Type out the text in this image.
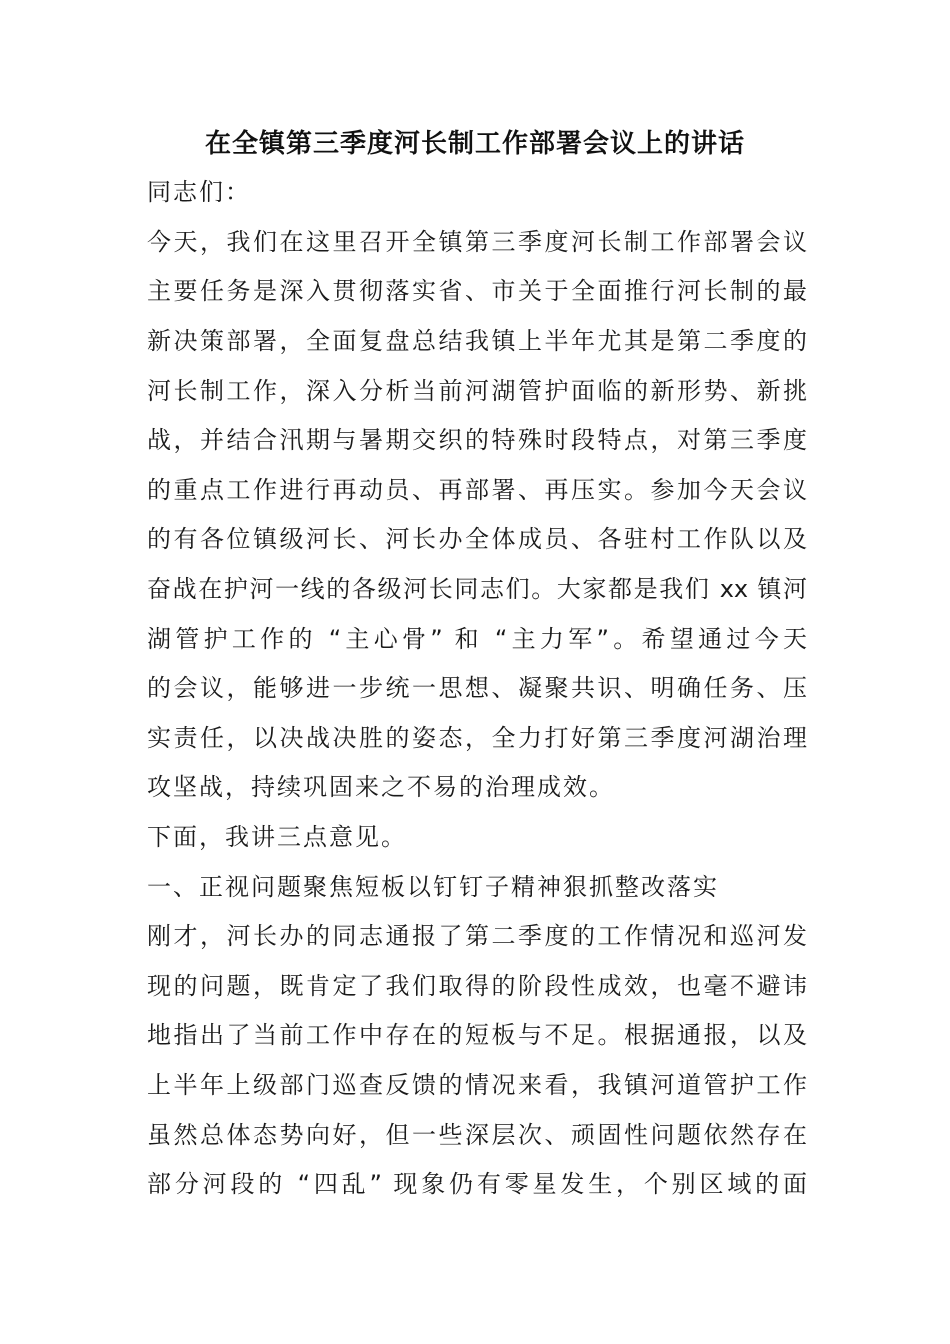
在全镇第三季度河长制工作部署会议上的讲话
同志们：
今天，我们在这里召开全镇第三季度河长制工作部署会议
主要任务是深入贯彻落实省、市关于全面推行河长制的最
新决策部署，全面复盘总结我镇上半年尤其是第二季度的
河长制工作，深入分析当前河湖管护面临的新形势、新挑
战，并结合汛期与暑期交织的特殊时段特点，对第三季度
的重点工作进行再动员、再部署、再压实。参加今天会议
的有各位镇级河长、河长办全体成员、各驻村工作队以及
奋战在护河一线的各级河长同志们。大家都是我们 xx 镇河
湖管护工作的 “主心骨” 和 “主力军”。希望通过今天
的会议，能够进一步统一思想、凝聚共识、明确任务、压
实责任，以决战决胜的姿态，全力打好第三季度河湖治理
攻坚战，持续巩固来之不易的治理成效。
下面，我讲三点意见。
一、正视问题聚焦短板以钉钉子精神狠抓整改落实
刚才，河长办的同志通报了第二季度的工作情况和巡河发
现的问题，既肯定了我们取得的阶段性成效，也毫不避讳
地指出了当前工作中存在的短板与不足。根据通报，以及
上半年上级部门巡查反馈的情况来看，我镇河道管护工作
虽然总体态势向好，但一些深层次、顽固性问题依然存在
部分河段的 “四乱” 现象仍有零星发生，个别区域的面
